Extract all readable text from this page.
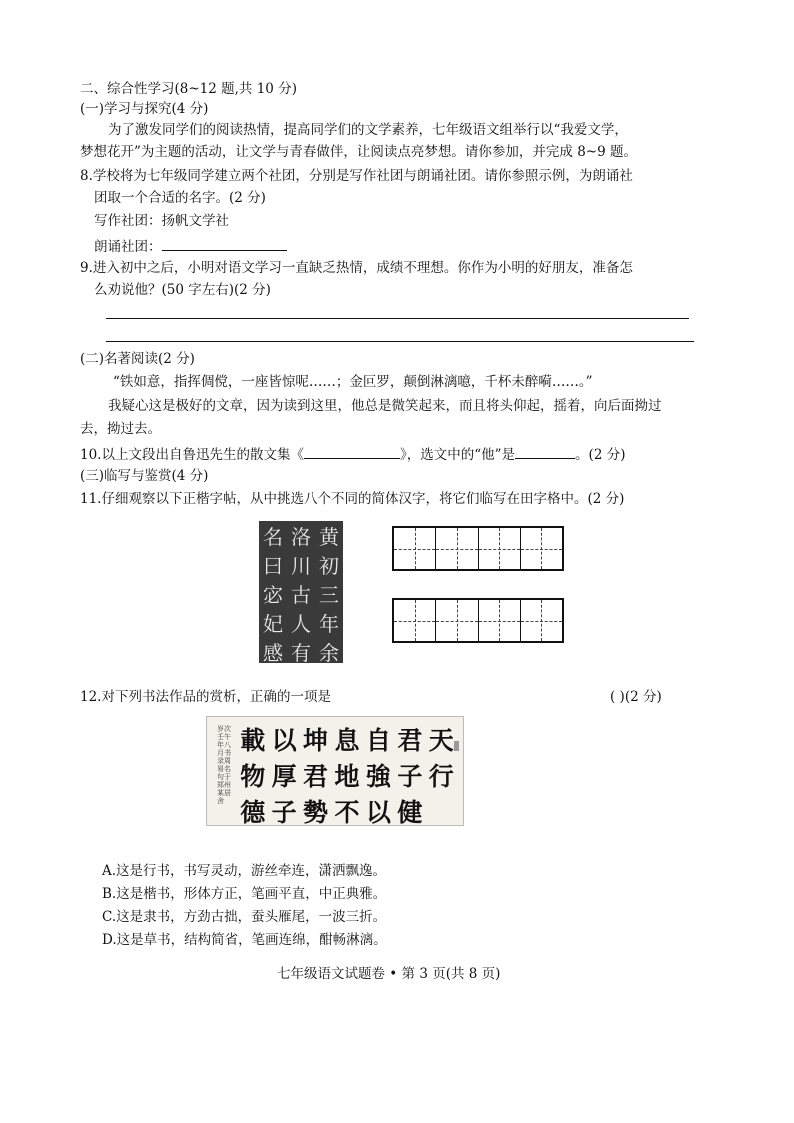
二、综合性学习(8~12 题,共 10 分)
(一)学习与探究(4 分)
为了激发同学们的阅读热情，提高同学们的文学素养，七年级语文组举行以“我爱文学，
梦想花开”为主题的活动，让文学与青春做伴，让阅读点亮梦想。请你参加，并完成 8~9 题。
8.学校将为七年级同学建立两个社团，分别是写作社团与朗诵社团。请你参照示例，为朗诵社
团取一个合适的名字。(2 分)
写作社团：扬帆文学社
朗诵社团：
9.进入初中之后，小明对语文学习一直缺乏热情，成绩不理想。你作为小明的好朋友，准备怎
么劝说他？(50 字左右)(2 分)
(二)名著阅读(2 分)
“铁如意，指挥倜傥，一座皆惊呢……；金叵罗，颠倒淋漓噫，千杯未醉嗬……。”
我疑心这是极好的文章，因为读到这里，他总是微笑起来，而且将头仰起，摇着，向后面拗过
去，拗过去。
10.以上文段出自鲁迅先生的散文集《	》，选文中的“他”是	。(2 分)
(三)临写与鉴赏(4 分)
11.仔细观察以下正楷字帖，从中挑选八个不同的简体汉字，将它们临写在田字格中。(2 分)
名 洛 黄
曰 川 初
宓 古 三
妃 人 年
感 有 余
12.对下列书法作品的赏析，正确的一项是	( )(2 分)
岁次壬午年八月书录周易名句于郑州某居舍
載 以 坤 息 自 君 天
物 厚 君 地 強 子 行
德 子 勢 不 以 健
A.这是行书，书写灵动，游丝牵连，潇洒飘逸。
B.这是楷书，形体方正，笔画平直，中正典雅。
C.这是隶书，方劲古拙，蚕头雁尾，一波三折。
D.这是草书，结构简省，笔画连绵，酣畅淋漓。
七年级语文试题卷 • 第 3 页(共 8 页)
